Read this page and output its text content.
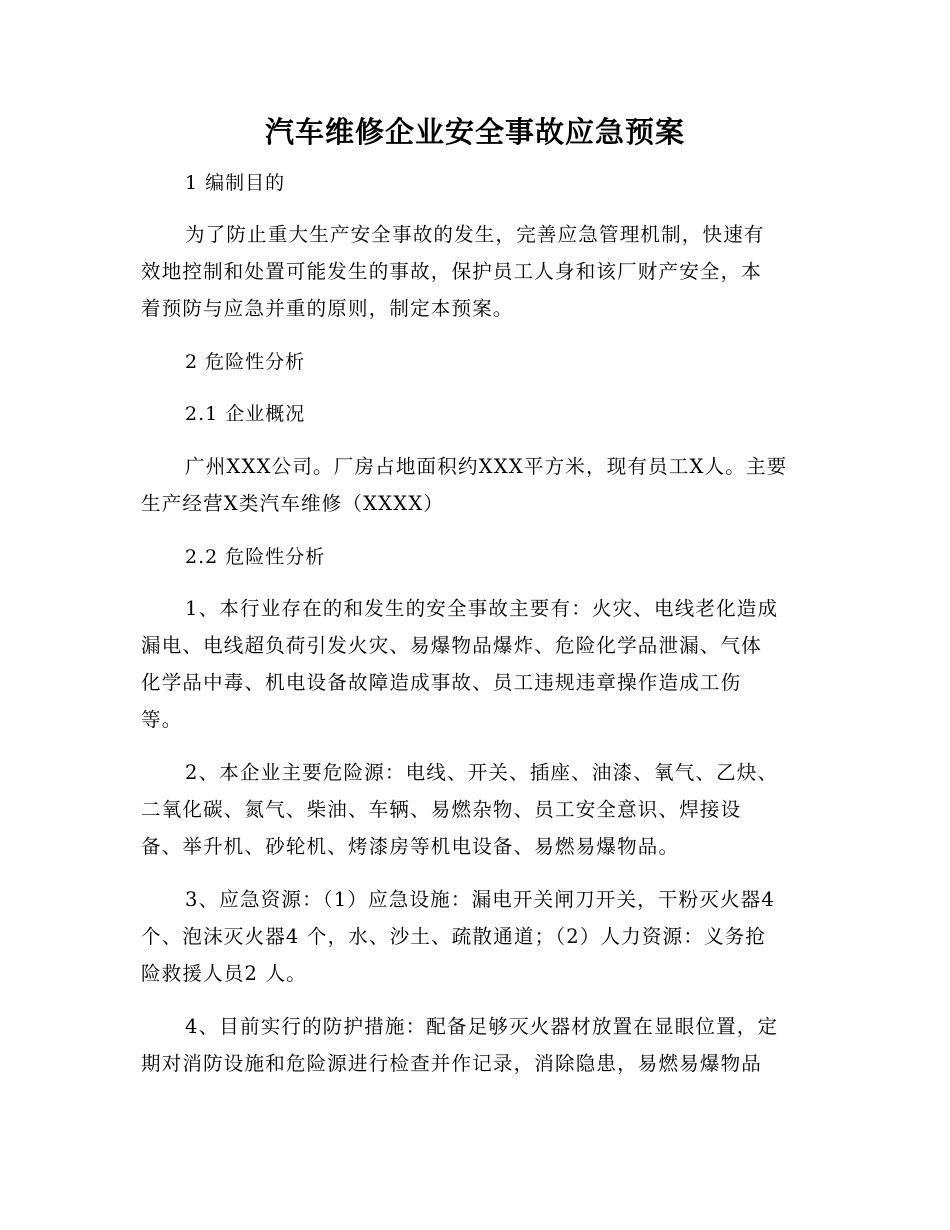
汽车维修企业安全事故应急预案
1 编制目的
为了防止重大生产安全事故的发生，完善应急管理机制，快速有
效地控制和处置可能发生的事故，保护员工人身和该厂财产安全，本
着预防与应急并重的原则，制定本预案。
2 危险性分析
2.1 企业概况
广州XXX公司。厂房占地面积约XXX平方米，现有员工X人。主要
生产经营X类汽车维修（XXXX）
2.2 危险性分析
1、本行业存在的和发生的安全事故主要有：火灾、电线老化造成
漏电、电线超负荷引发火灾、易爆物品爆炸、危险化学品泄漏、气体
化学品中毒、机电设备故障造成事故、员工违规违章操作造成工伤
等。
2、本企业主要危险源：电线、开关、插座、油漆、氧气、乙炔、
二氧化碳、氮气、柴油、车辆、易燃杂物、员工安全意识、焊接设
备、举升机、砂轮机、烤漆房等机电设备、易燃易爆物品。
3、应急资源：（1）应急设施：漏电开关闸刀开关，干粉灭火器4
个、泡沫灭火器4 个，水、沙土、疏散通道；（2）人力资源：义务抢
险救援人员2 人。
4、目前实行的防护措施：配备足够灭火器材放置在显眼位置，定
期对消防设施和危险源进行检查并作记录，消除隐患，易燃易爆物品
